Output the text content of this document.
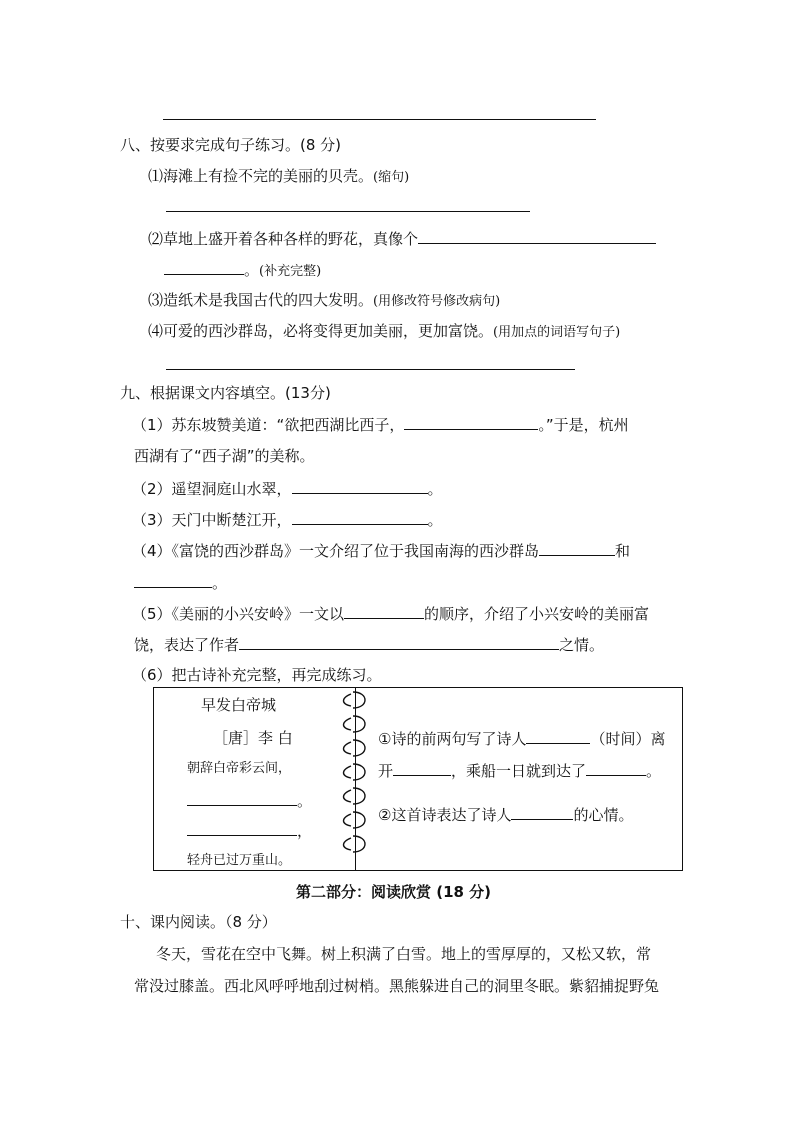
八、按要求完成句子练习。(8 分)
⑴海滩上有捡不完的美丽的贝壳。(缩句)
⑵草地上盛开着各种各样的野花，真像个
。(补充完整)
⑶造纸术是我国古代的四大发明。(用修改符号修改病句)
⑷可爱的西沙群岛，必将变得更加美丽，更加富饶。(用加点的词语写句子)
九、根据课文内容填空。(13分)
（1）苏东坡赞美道：“欲把西湖比西子，	。”于是，杭州
西湖有了“西子湖”的美称。
（2）遥望洞庭山水翠，	。
（3）天门中断楚江开，	。
（4）《富饶的西沙群岛》一文介绍了位于我国南海的西沙群岛	和
。
（5）《美丽的小兴安岭》一文以	的顺序，介绍了小兴安岭的美丽富
饶，表达了作者	之情。
（6）把古诗补充完整，再完成练习。
早发白帝城
［唐］李 白
朝辞白帝彩云间，
。
，
轻舟已过万重山。
①诗的前两句写了诗人	（时间）离
开	，乘船一日就到达了	。
②这首诗表达了诗人	的心情。
第二部分：阅读欣赏 (18 分)
十、课内阅读。（8 分）
冬天，雪花在空中飞舞。树上积满了白雪。地上的雪厚厚的，又松又软，常
常没过膝盖。西北风呼呼地刮过树梢。黑熊躲进自己的洞里冬眠。紫貂捕捉野兔
